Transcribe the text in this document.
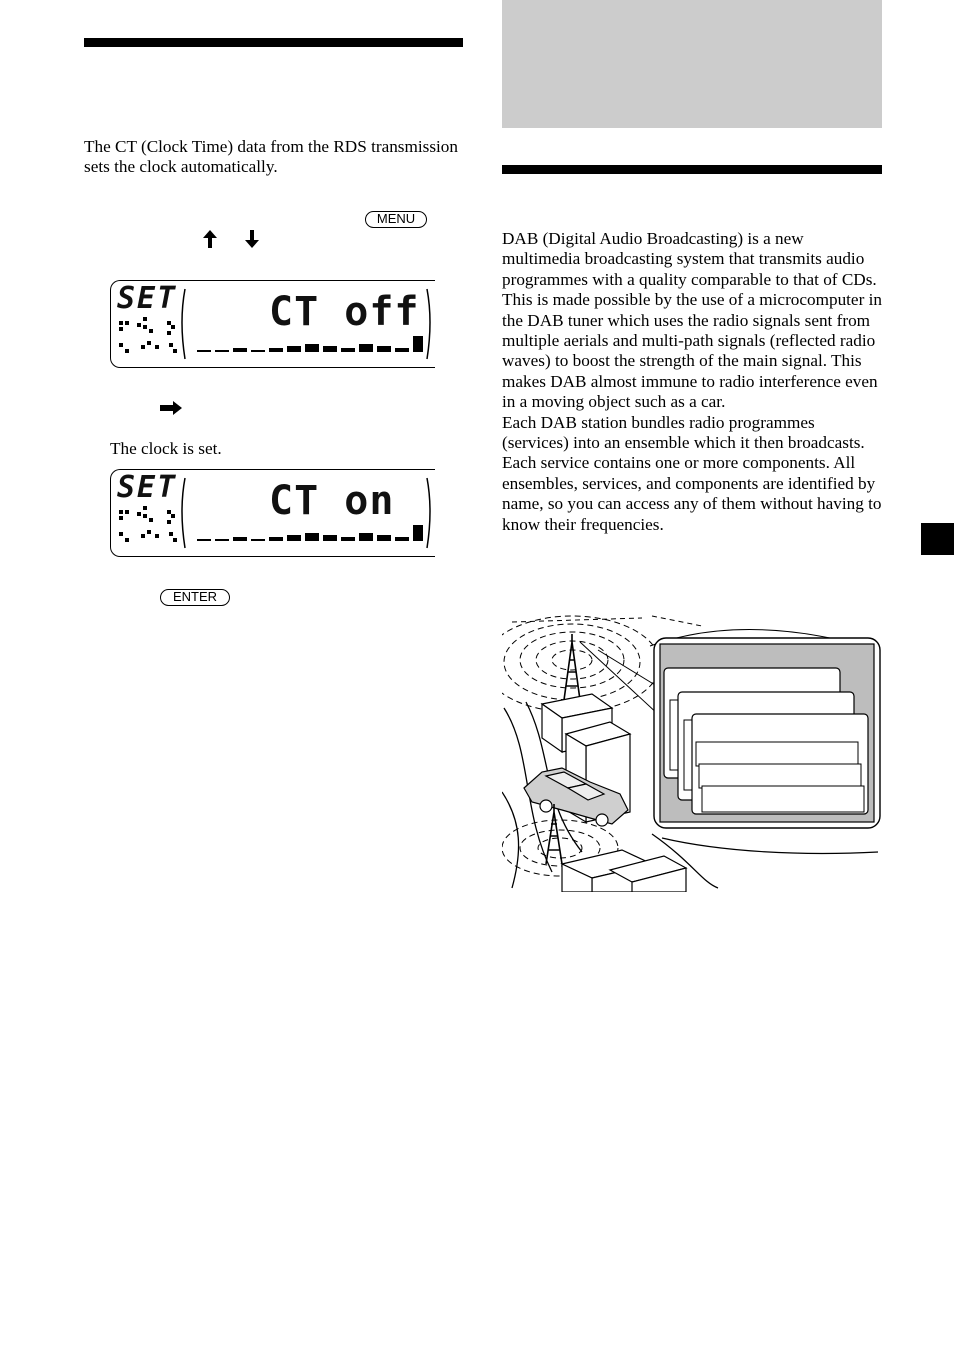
The CT (Clock Time) data from the RDS transmission sets the clock automatically.
MENU
SET CT off
The clock is set.
SET CT on
ENTER

DAB (Digital Audio Broadcasting) is a new multimedia broadcasting system that transmits audio programmes with a quality comparable to that of CDs. This is made possible by the use of a microcomputer in the DAB tuner which uses the radio signals sent from multiple aerials and multi-path signals (reflected radio waves) to boost the strength of the main signal. This makes DAB almost immune to radio interference even in a moving object such as a car.

Each DAB station bundles radio programmes (services) into an ensemble which it then broadcasts. Each service contains one or more components. All ensembles, services, and components are identified by name, so you can access any of them without having to know their frequencies.
